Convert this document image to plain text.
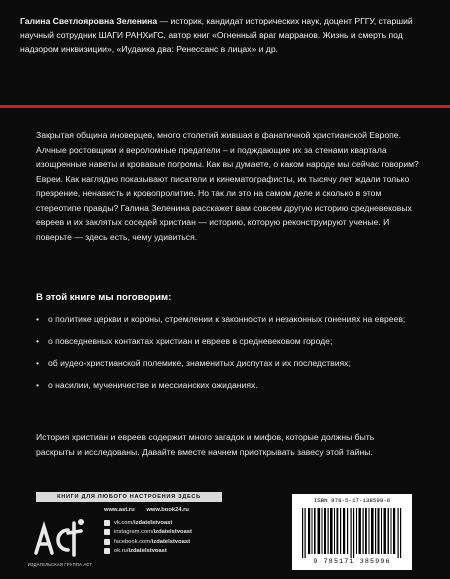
Галина Светлояровна Зеленина — историк, кандидат исторических наук, доцент РГГУ, старший научный сотрудник ШАГИ РАНХиГС, автор книг «Огненный враг марранов. Жизнь и смерть под надзором инквизиции», «Иудаика два: Ренессанс в лицах» и др.

Закрытая община иноверцев, много столетий жившая в фанатичной христианской Европе. Алчные ростовщики и вероломные предатели – и подждающие их за стенами квартала изощренные наветы и кровавые погромы. Как вы думаете, о каком народе мы сейчас говорим?

Евреи. Как наглядно показывают писатели и кинематографисты, их тысячу лет ждали только презрение, ненависть и кровопролитие. Но так ли это на самом деле и сколько в этом стереотипе правды? Галина Зеленина расскажет вам совсем другую историю средневековых евреев и их заклятых соседей христиан — историю, которую реконструируют ученые. И поверьте — здесь есть, чему удивиться.

В этой книге мы поговорим:
• о политике церкви и короны, стремлении к законности и незаконных гонениях на евреев;
• о повседневных контактах христиан и евреев в средневековом городе;
• об иудео-христианской полемике, знаменитых диспутах и их последствиях;
• о насилии, мученичестве и мессианских ожиданиях.
История христиан и евреев содержит много загадок и мифов, которые должны быть раскрыты и исследованы. Давайте вместе начнем приоткрывать завесу этой тайны.
КНИГИ ДЛЯ ЛЮБОГО НАСТРОЕНИЯ ЗДЕСЬ
ИЗДАТЕЛЬСКАЯ ГРУППА АСТ
www.ast.ru www.book24.ru
vk.com/ izdatelstvoast
instagram.com/ izdatelstvoast
facebook.com/ izdatelstvoast
ok.ru/ izdatelstvoast
ISBN 978-5-17-138599-6
9 785171 385996
